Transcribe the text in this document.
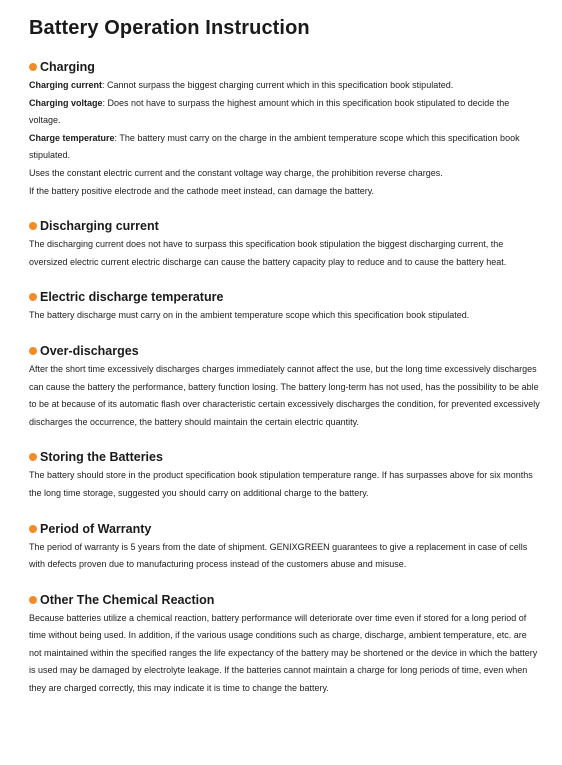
Battery Operation Instruction
Charging

Charging current: Cannot surpass the biggest charging current which in this specification book stipulated.

Charging voltage: Does not have to surpass the highest amount which in this specification book stipulated to decide the voltage.

Charge temperature: The battery must carry on the charge in the ambient temperature scope which this specification book stipulated.

Uses the constant electric current and the constant voltage way charge, the prohibition reverse charges.

If the battery positive electrode and the cathode meet instead, can damage the battery.

Discharging current

The discharging current does not have to surpass this specification book stipulation the biggest discharging current, the oversized electric current electric discharge can cause the battery capacity play to reduce and to cause the battery heat.

Electric discharge temperature

The battery discharge must carry on in the ambient temperature scope which this specification book stipulated.

Over-discharges

After the short time excessively discharges charges immediately cannot affect the use, but the long time excessively discharges can cause the battery the performance, battery function losing. The battery long-term has not used, has the possibility to be able to be at because of its automatic flash over characteristic certain excessively discharges the condition, for prevented excessively discharges the occurrence, the battery should maintain the certain electric quantity.

Storing the Batteries

The battery should store in the product specification book stipulation temperature range. If has surpasses above for six months the long time storage, suggested you should carry on additional charge to the battery.

Period of Warranty

The period of warranty is 5 years from the date of shipment. GENIXGREEN guarantees to give a replacement in case of cells with defects proven due to manufacturing process instead of the customers abuse and misuse.

Other The Chemical Reaction

Because batteries utilize a chemical reaction, battery performance will deteriorate over time even if stored for a long period of time without being used. In addition, if the various usage conditions such as charge, discharge, ambient temperature, etc. are not maintained within the specified ranges the life expectancy of the battery may be shortened or the device in which the battery is used may be damaged by electrolyte leakage. If the batteries cannot maintain a charge for long periods of time, even when they are charged correctly, this may indicate it is time to change the battery.
